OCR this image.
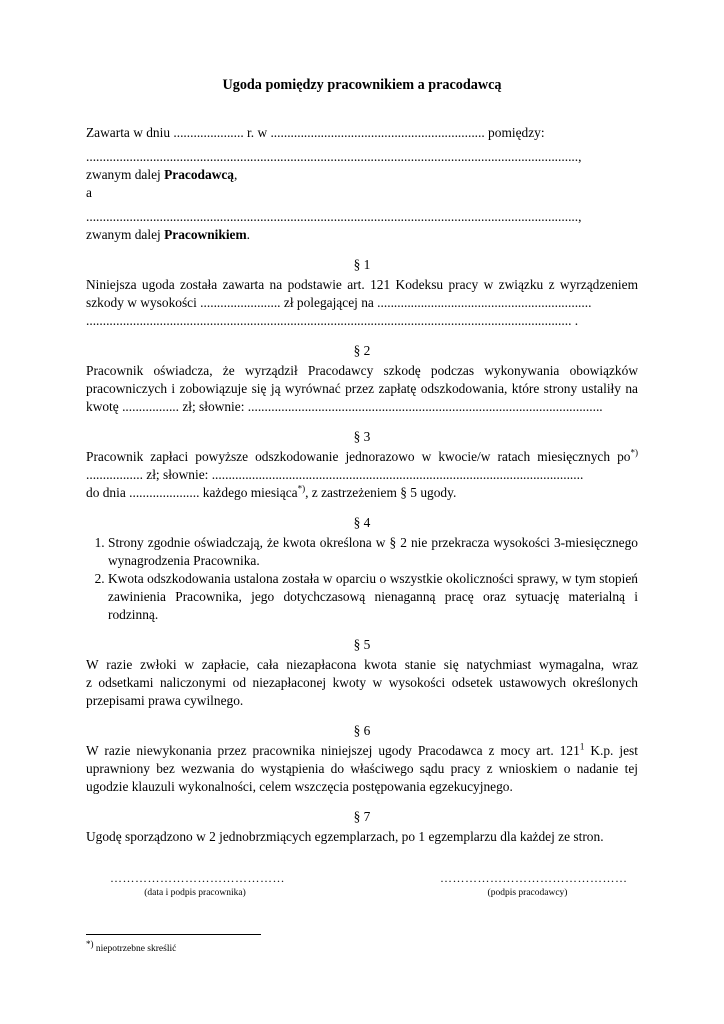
Ugoda pomiędzy pracownikiem a pracodawcą

Zawarta w dniu ..................... r. w ................................................................ pomiędzy:

...................................................................................................................................................,

zwanym dalej Pracodawcą,

a

...................................................................................................................................................,

zwanym dalej Pracownikiem.

§ 1

Niniejsza ugoda została zawarta na podstawie art. 121 Kodeksu pracy w związku z wyrządzeniem

szkody w wysokości ........................ zł polegającej na ................................................................

................................................................................................................................................. .

§ 2

Pracownik oświadcza, że wyrządził Pracodawcy szkodę podczas wykonywania obowiązków

pracowniczych i zobowiązuje się ją wyrównać przez zapłatę odszkodowania, które strony ustaliły na

kwotę ................. zł; słownie: ..........................................................................................................

§ 3

Pracownik zapłaci powyższe odszkodowanie jednorazowo w kwocie/w ratach miesięcznych po*)

................. zł; słownie: ...............................................................................................................

do dnia ..................... każdego miesiąca*), z zastrzeżeniem § 5 ugody.

§ 4

1. Strony zgodnie oświadczają, że kwota określona w § 2 nie przekracza wysokości 3-miesięcznego wynagrodzenia Pracownika.
2. Kwota odszkodowania ustalona została w oparciu o wszystkie okoliczności sprawy, w tym stopień zawinienia Pracownika, jego dotychczasową nienaganną pracę oraz sytuację materialną i rodzinną.

§ 5

W razie zwłoki w zapłacie, cała niezapłacona kwota stanie się natychmiast wymagalna, wraz

z odsetkami naliczonymi od niezapłaconej kwoty w wysokości odsetek ustawowych określonych

przepisami prawa cywilnego.

§ 6

W razie niewykonania przez pracownika niniejszej ugody Pracodawca z mocy art. $121^1$ K.p. jest

uprawniony bez wezwania do wystąpienia do właściwego sądu pracy z wnioskiem o nadanie tej

ugodzie klauzuli wykonalności, celem wszczęcia postępowania egzekucyjnego.

§ 7

Ugodę sporządzono w 2 jednobrzmiących egzemplarzach, po 1 egzemplarzu dla każdej ze stron.

……………………………………
(data i podpis pracownika)
………………………………………
(podpis pracodawcy)
*) niepotrzebne skreślić
